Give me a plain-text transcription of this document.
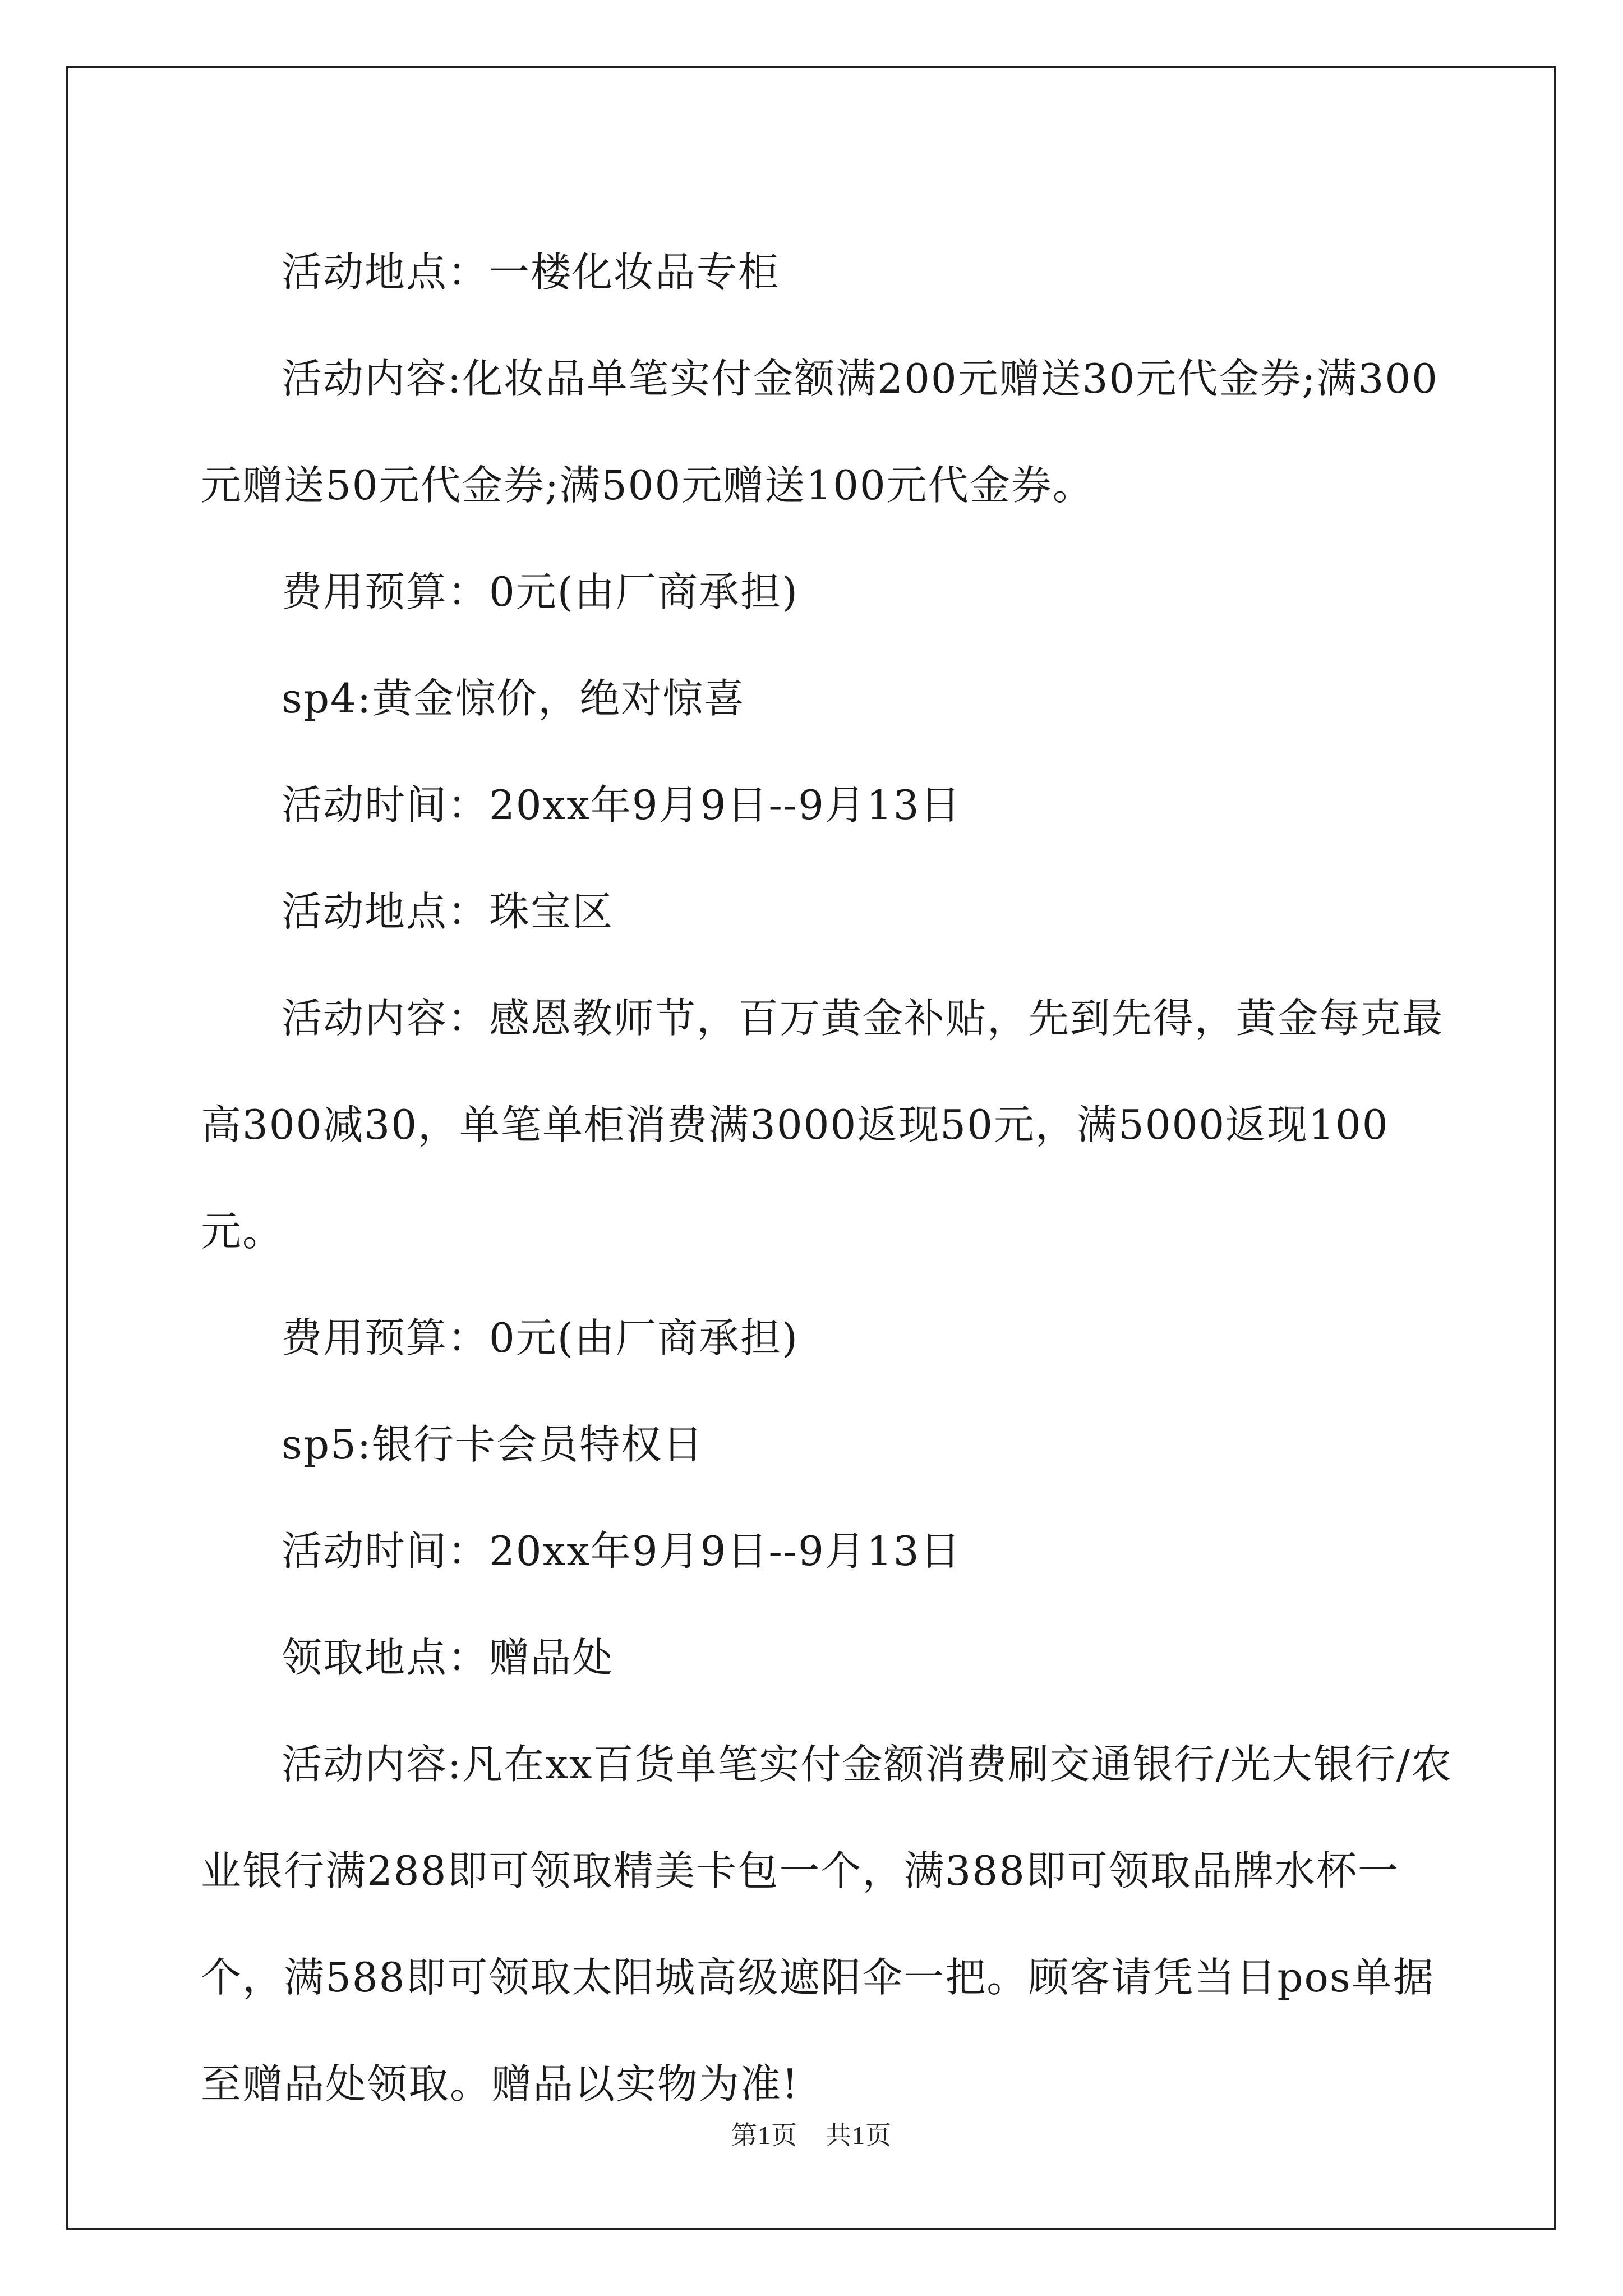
活动地点：一楼化妆品专柜

活动内容:化妆品单笔实付金额满200元赠送30元代金券;满300元赠送50元代金券;满500元赠送100元代金券。

费用预算：0元(由厂商承担)

sp4:黄金惊价，绝对惊喜

活动时间：20xx年9月9日--9月13日

活动地点：珠宝区

活动内容：感恩教师节，百万黄金补贴，先到先得，黄金每克最高300减30，单笔单柜消费满3000返现50元，满5000返现100元。

费用预算：0元(由厂商承担)

sp5:银行卡会员特权日

活动时间：20xx年9月9日--9月13日

领取地点：赠品处

活动内容:凡在xx百货单笔实付金额消费刷交通银行/光大银行/农业银行满288即可领取精美卡包一个，满388即可领取品牌水杯一个，满588即可领取太阳城高级遮阳伞一把。顾客请凭当日pos单据至赠品处领取。赠品以实物为准!

第1页 共1页
